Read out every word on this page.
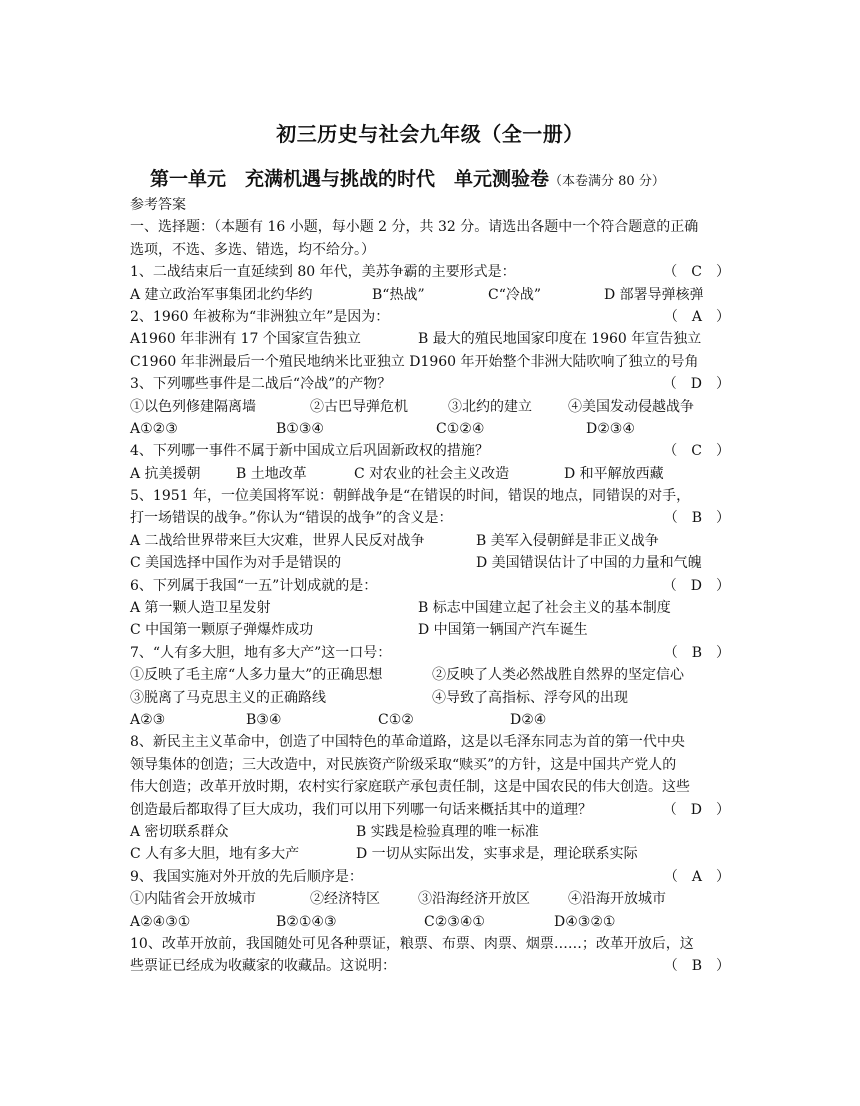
初三历史与社会九年级（全一册）
第一单元　充满机遇与挑战的时代　单元测验卷（本卷满分 80 分）
参考答案
一、选择题：（本题有 16 小题，每小题 2 分，共 32 分。请选出各题中一个符合题意的正确
选项，不选、多选、错选，均不给分。）
1、二战结束后一直延续到 80 年代，美苏争霸的主要形式是：	（　C　）
A 建立政治军事集团北约华约	B“热战”	C“冷战”	D 部署导弹核弹
2、1960 年被称为“非洲独立年”是因为：	（　A　）
A1960 年非洲有 17 个国家宣告独立	B 最大的殖民地国家印度在 1960 年宣告独立
C1960 年非洲最后一个殖民地纳米比亚独立 D1960 年开始整个非洲大陆吹响了独立的号角
3、下列哪些事件是二战后“冷战”的产物？	（　D　）
①以色列修建隔离墙	②古巴导弹危机	③北约的建立	④美国发动侵越战争
A①②③	B①③④	C①②④	D②③④
4、下列哪一事件不属于新中国成立后巩固新政权的措施？	（　C　）
A 抗美援朝	B 土地改革	C 对农业的社会主义改造	D 和平解放西藏
5、1951 年，一位美国将军说：朝鲜战争是“在错误的时间，错误的地点，同错误的对手，
打一场错误的战争。”你认为“错误的战争”的含义是：	（　B　）
A 二战给世界带来巨大灾难，世界人民反对战争	B 美军入侵朝鲜是非正义战争
C 美国选择中国作为对手是错误的	D 美国错误估计了中国的力量和气魄
6、下列属于我国“一五”计划成就的是：	（　D　）
A 第一颗人造卫星发射	B 标志中国建立起了社会主义的基本制度
C 中国第一颗原子弹爆炸成功	D 中国第一辆国产汽车诞生
7、“人有多大胆，地有多大产”这一口号：	（　B　）
①反映了毛主席“人多力量大”的正确思想	②反映了人类必然战胜自然界的坚定信心
③脱离了马克思主义的正确路线	④导致了高指标、浮夸风的出现
A②③	B③④	C①②	D②④
8、新民主主义革命中，创造了中国特色的革命道路，这是以毛泽东同志为首的第一代中央
领导集体的创造；三大改造中，对民族资产阶级采取“赎买”的方针，这是中国共产党人的
伟大创造；改革开放时期，农村实行家庭联产承包责任制，这是中国农民的伟大创造。这些
创造最后都取得了巨大成功，我们可以用下列哪一句话来概括其中的道理？	（　D　）
A 密切联系群众	B 实践是检验真理的唯一标准
C 人有多大胆，地有多大产	D 一切从实际出发，实事求是，理论联系实际
9、我国实施对外开放的先后顺序是：	（　A　）
①内陆省会开放城市	②经济特区	③沿海经济开放区	④沿海开放城市
A②④③①	B②①④③	C②③④①	D④③②①
10、改革开放前，我国随处可见各种票证，粮票、布票、肉票、烟票……；改革开放后，这
些票证已经成为收藏家的收藏品。这说明：	（　B　）
